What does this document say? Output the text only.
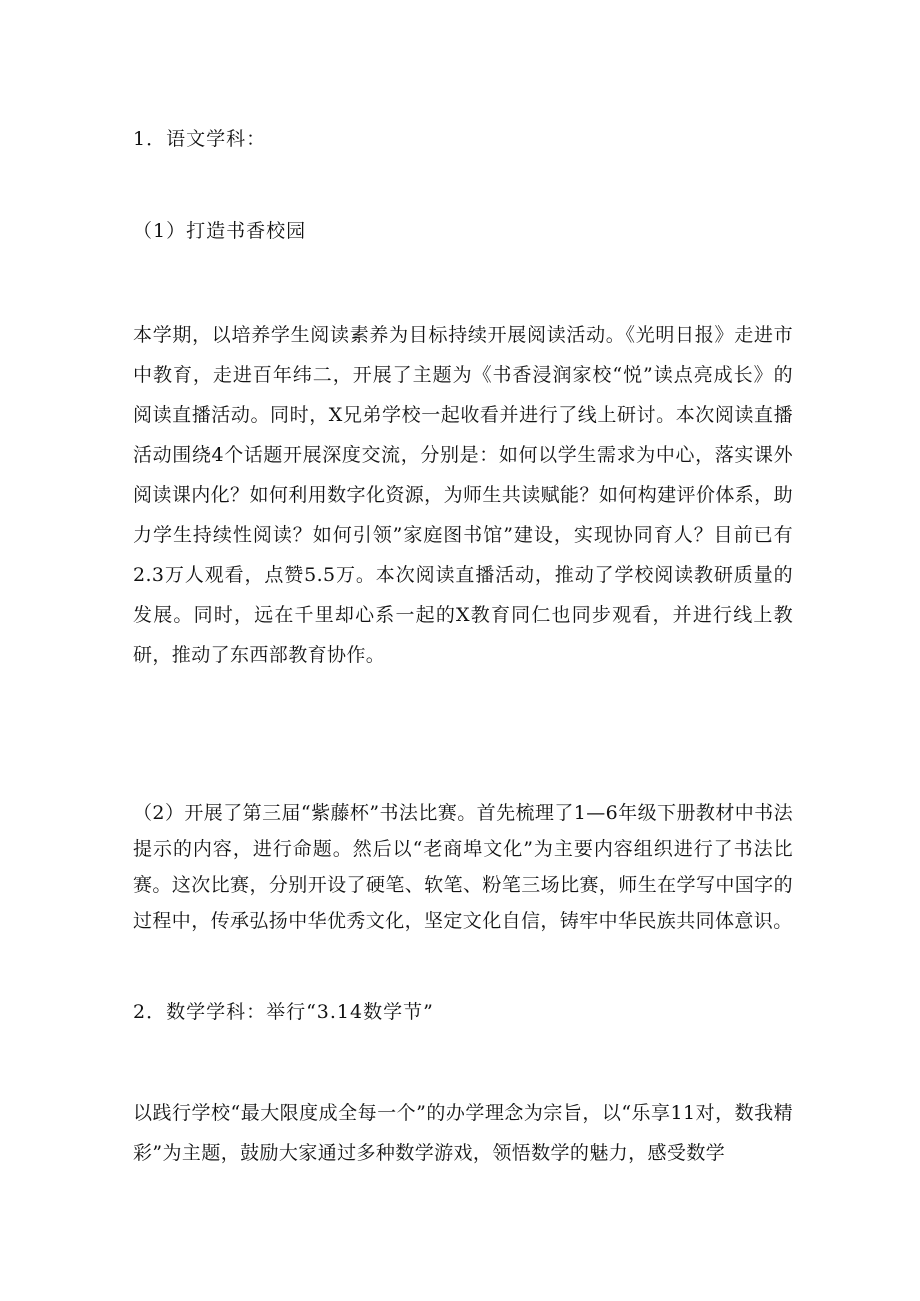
1．语文学科：
（1）打造书香校园
本学期，以培养学生阅读素养为目标持续开展阅读活动。《光明日报》走进市中教育，走进百年纬二，开展了主题为《书香浸润家校“悦”读点亮成长》的阅读直播活动。同时，X兄弟学校一起收看并进行了线上研讨。本次阅读直播活动围绕4个话题开展深度交流，分别是：如何以学生需求为中心，落实课外阅读课内化？如何利用数字化资源，为师生共读赋能？如何构建评价体系，助力学生持续性阅读？如何引领”家庭图书馆”建设，实现协同育人？目前已有2.3万人观看，点赞5.5万。本次阅读直播活动，推动了学校阅读教研质量的发展。同时，远在千里却心系一起的X教育同仁也同步观看，并进行线上教研，推动了东西部教育协作。
（2）开展了第三届“紫藤杯”书法比赛。首先梳理了1—6年级下册教材中书法提示的内容，进行命题。然后以“老商埠文化”为主要内容组织进行了书法比赛。这次比赛，分别开设了硬笔、软笔、粉笔三场比赛，师生在学写中国字的过程中，传承弘扬中华优秀文化，坚定文化自信，铸牢中华民族共同体意识。
2．数学学科：举行“3.14数学节”
以践行学校“最大限度成全每一个”的办学理念为宗旨，以“乐享11对，数我精彩”为主题，鼓励大家通过多种数学游戏，领悟数学的魅力，感受数学
